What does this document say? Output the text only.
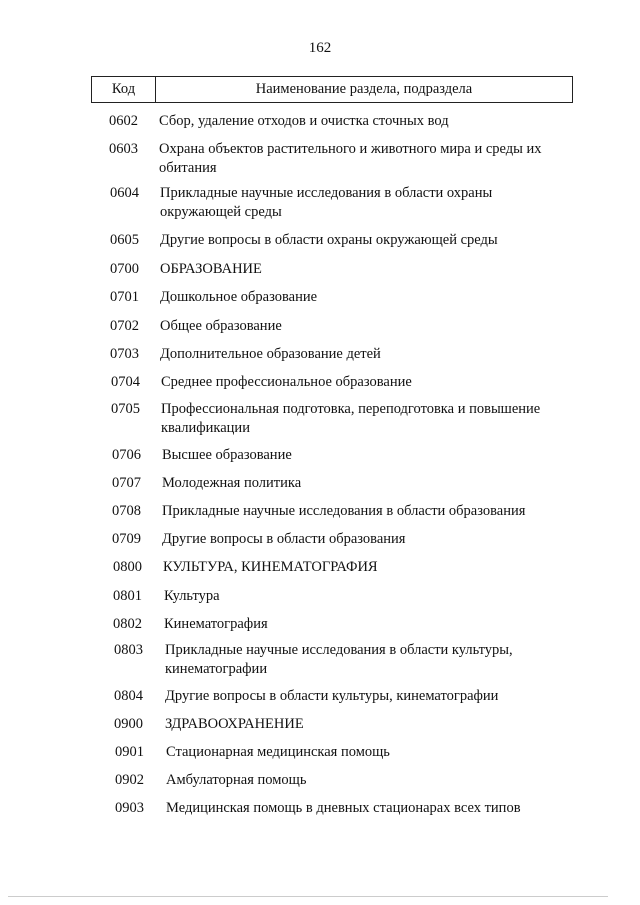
162
Код	Наименование раздела, подраздела
0602	Сбор, удаление отходов и очистка сточных вод
0603	Охрана объектов растительного и животного мира и среды их обитания
0604	Прикладные научные исследования в области охраны окружающей среды
0605	Другие вопросы в области охраны окружающей среды
0700	ОБРАЗОВАНИЕ
0701	Дошкольное образование
0702	Общее образование
0703	Дополнительное образование детей
0704	Среднее профессиональное образование
0705	Профессиональная подготовка, переподготовка и повышение квалификации
0706	Высшее образование
0707	Молодежная политика
0708	Прикладные научные исследования в области образования
0709	Другие вопросы в области образования
0800	КУЛЬТУРА, КИНЕМАТОГРАФИЯ
0801	Культура
0802	Кинематография
0803	Прикладные научные исследования в области культуры, кинематографии
0804	Другие вопросы в области культуры, кинематографии
0900	ЗДРАВООХРАНЕНИЕ
0901	Стационарная медицинская помощь
0902	Амбулаторная помощь
0903	Медицинская помощь в дневных стационарах всех типов
